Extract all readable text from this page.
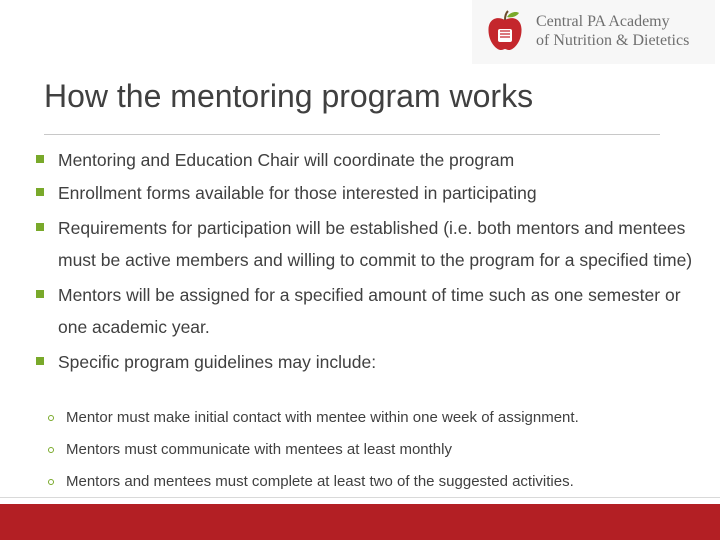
Central PA Academy
of Nutrition & Dietetics
How the mentoring program works
Mentoring and Education Chair will coordinate the program
Enrollment forms available for those interested in participating
Requirements for participation will be established (i.e. both mentors and mentees must be active members and willing to commit to the program for a specified time)
Mentors will be assigned for a specified amount of time such as one semester or one academic year.
Specific program guidelines may include:
Mentor must make initial contact with mentee within one week of assignment.
Mentors must communicate with mentees at least monthly
Mentors and mentees must complete at least two of the suggested activities.
